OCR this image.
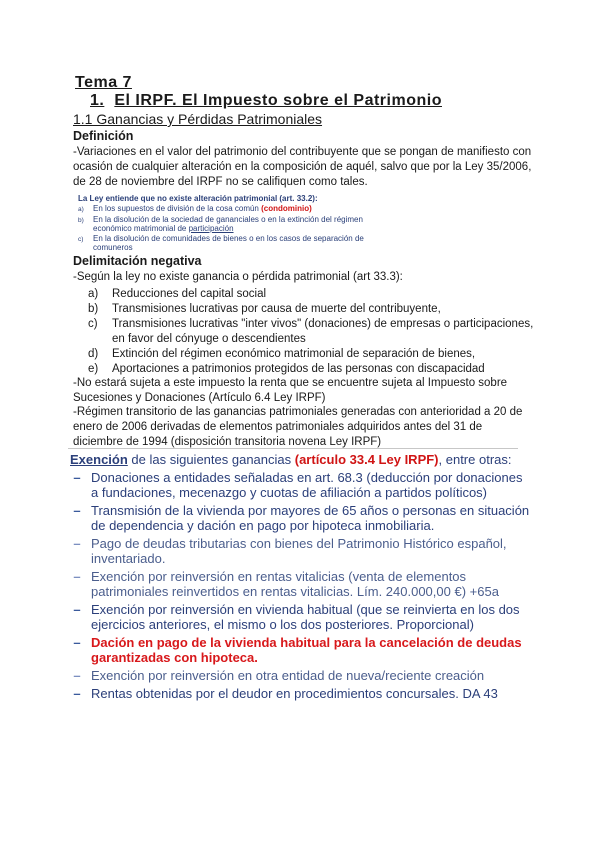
Tema 7
1. El IRPF. El Impuesto sobre el Patrimonio
1.1 Ganancias y Pérdidas Patrimoniales
Definición

-Variaciones en el valor del patrimonio del contribuyente que se pongan de manifiesto con ocasión de cualquier alteración en la composición de aquél, salvo que por la Ley 35/2006, de 28 de noviembre del IRPF no se califiquen como tales.

La Ley entiende que no existe alteración patrimonial (art. 33.2):
a)	En los supuestos de división de la cosa común (condominio)
b)	En la disolución de la sociedad de gananciales o en la extinción del régimen económico matrimonial de participación
c)	En la disolución de comunidades de bienes o en los casos de separación de comuneros
Delimitación negativa

-Según la ley no existe ganancia o pérdida patrimonial (art 33.3):

a)	Reducciones del capital social
b)	Transmisiones lucrativas por causa de muerte del contribuyente,
c)	Transmisiones lucrativas "inter vivos" (donaciones) de empresas o participaciones, en favor del cónyuge o descendientes
d)	Extinción del régimen económico matrimonial de separación de bienes,
e)	Aportaciones a patrimonios protegidos de las personas con discapacidad

-No estará sujeta a este impuesto la renta que se encuentre sujeta al Impuesto sobre Sucesiones y Donaciones (Artículo 6.4 Ley IRPF)

-Régimen transitorio de las ganancias patrimoniales generadas con anterioridad a 20 de enero de 2006 derivadas de elementos patrimoniales adquiridos antes del 31 de diciembre de 1994 (disposición transitoria novena Ley IRPF)

Exención de las siguientes ganancias (artículo 33.4 Ley IRPF), entre otras:
– Donaciones a entidades señaladas en art. 68.3 (deducción por donaciones a fundaciones, mecenazgo y cuotas de afiliación a partidos políticos)
– Transmisión de la vivienda por mayores de 65 años o personas en situación de dependencia y dación en pago por hipoteca inmobiliaria.
– Pago de deudas tributarias con bienes del Patrimonio Histórico español, inventariado.
– Exención por reinversión en rentas vitalicias (venta de elementos patrimoniales reinvertidos en rentas vitalicias. Lím. 240.000,00 €) +65a
– Exención por reinversión en vivienda habitual (que se reinvierta en los dos ejercicios anteriores, el mismo o los dos posteriores. Proporcional)
– Dación en pago de la vivienda habitual para la cancelación de deudas garantizadas con hipoteca.
– Exención por reinversión en otra entidad de nueva/reciente creación
– Rentas obtenidas por el deudor en procedimientos concursales. DA 43
